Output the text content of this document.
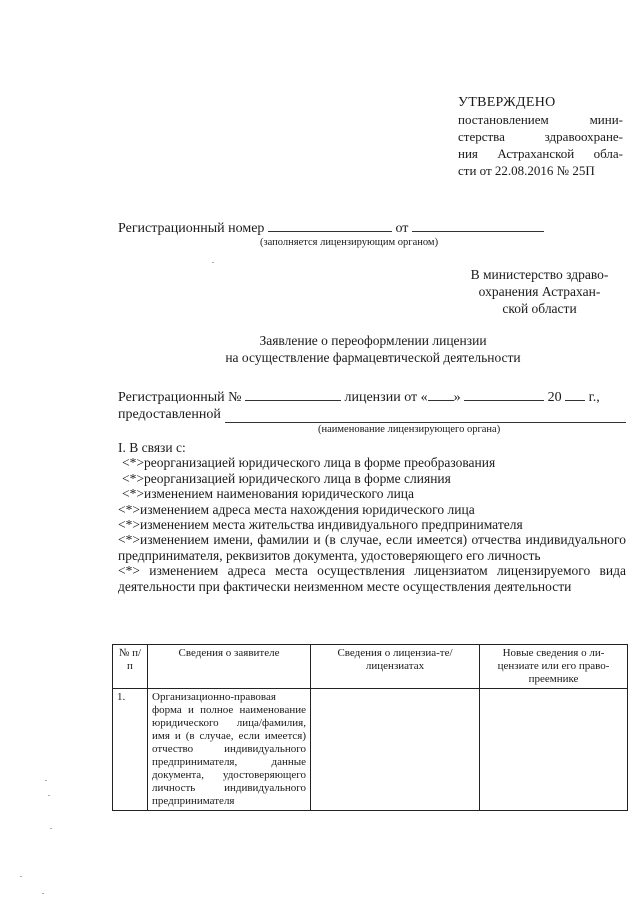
УТВЕРЖДЕНО
постановлением мини-
стерства здравоохране-
ния Астраханской обла-
сти от 22.08.2016 № 25П
Регистрационный номер	от
(заполняется лицензирующим органом)
В министерство здраво-
охранения Астрахан-
ской области
Заявление о переоформлении лицензии
на осуществление фармацевтической деятельности
Регистрационный №	лицензии от « »	20 г.,
предоставленной
(наименование лицензирующего органа)
I. В связи с:
<*>реорганизацией юридического лица в форме преобразования
<*>реорганизацией юридического лица в форме слияния
<*>изменением наименования юридического лица
<*>изменением адреса места нахождения юридического лица
<*>изменением места жительства индивидуального предпринимателя
<*>изменением имени, фамилии и (в случае, если имеется) отчества индивидуального предпринимателя, реквизитов документа, удостоверяющего его личность
<*> изменением адреса места осуществления лицензиатом лицензируемого вида деятельности при фактически неизменном месте осуществления деятельности
№ п/п	Сведения о заявителе	Сведения о лицензиа-те/лицензиатах	Новые сведения о ли-цензиате или его право-преемнике
1.	Организационно-правовая форма и полное наименование юридического лица/фамилия, имя и (в случае, если имеется) отчество индивидуального предпринимателя, данные документа, удостоверяющего личность индивидуального предпринимателя		
